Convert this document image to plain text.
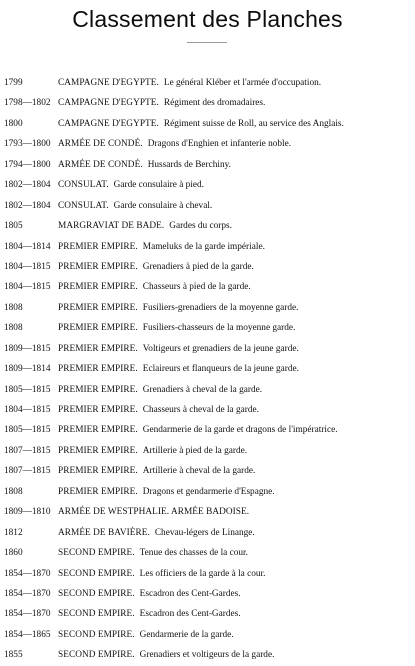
Classement des Planches
1799	CAMPAGNE D'EGYPTE. Le général Kléber et l'armée d'occupation.
1798—1802 CAMPAGNE D'EGYPTE. Régiment des dromadaires.
1800	CAMPAGNE D'EGYPTE. Régiment suisse de Roll, au service des Anglais.
1793—1800 ARMÉE DE CONDÉ. Dragons d'Enghien et infanterie noble.
1794—1800 ARMÉE DE CONDÉ. Hussards de Berchiny.
1802—1804 CONSULAT. Garde consulaire à pied.
1802—1804 CONSULAT. Garde consulaire à cheval.
1805	MARGRAVIAT DE BADE. Gardes du corps.
1804—1814 PREMIER EMPIRE. Mameluks de la garde impériale.
1804—1815 PREMIER EMPIRE. Grenadiers à pied de la garde.
1804—1815 PREMIER EMPIRE. Chasseurs à pied de la garde.
1808	PREMIER EMPIRE. Fusiliers-grenadiers de la moyenne garde.
1808	PREMIER EMPIRE. Fusiliers-chasseurs de la moyenne garde.
1809—1815 PREMIER EMPIRE. Voltigeurs et grenadiers de la jeune garde.
1809—1814 PREMIER EMPIRE. Eclaireurs et flanqueurs de la jeune garde.
1805—1815 PREMIER EMPIRE. Grenadiers à cheval de la garde.
1804—1815 PREMIER EMPIRE. Chasseurs à cheval de la garde.
1805—1815 PREMIER EMPIRE. Gendarmerie de la garde et dragons de l'impératrice.
1807—1815 PREMIER EMPIRE. Artillerie à pied de la garde.
1807—1815 PREMIER EMPIRE. Artillerie à cheval de la garde.
1808	PREMIER EMPIRE. Dragons et gendarmerie d'Espagne.
1809—1810 ARMÉE DE WESTPHALIE. ARMÉE BADOISE.
1812	ARMÉE DE BAVIÈRE. Chevau-légers de Linange.
1860	SECOND EMPIRE. Tenue des chasses de la cour.
1854—1870 SECOND EMPIRE. Les officiers de la garde à la cour.
1854—1870 SECOND EMPIRE. Escadron des Cent-Gardes.
1854—1870 SECOND EMPIRE. Escadron des Cent-Gardes.
1854—1865 SECOND EMPIRE. Gendarmerie de la garde.
1855	SECOND EMPIRE. Grenadiers et voltigeurs de la garde.
